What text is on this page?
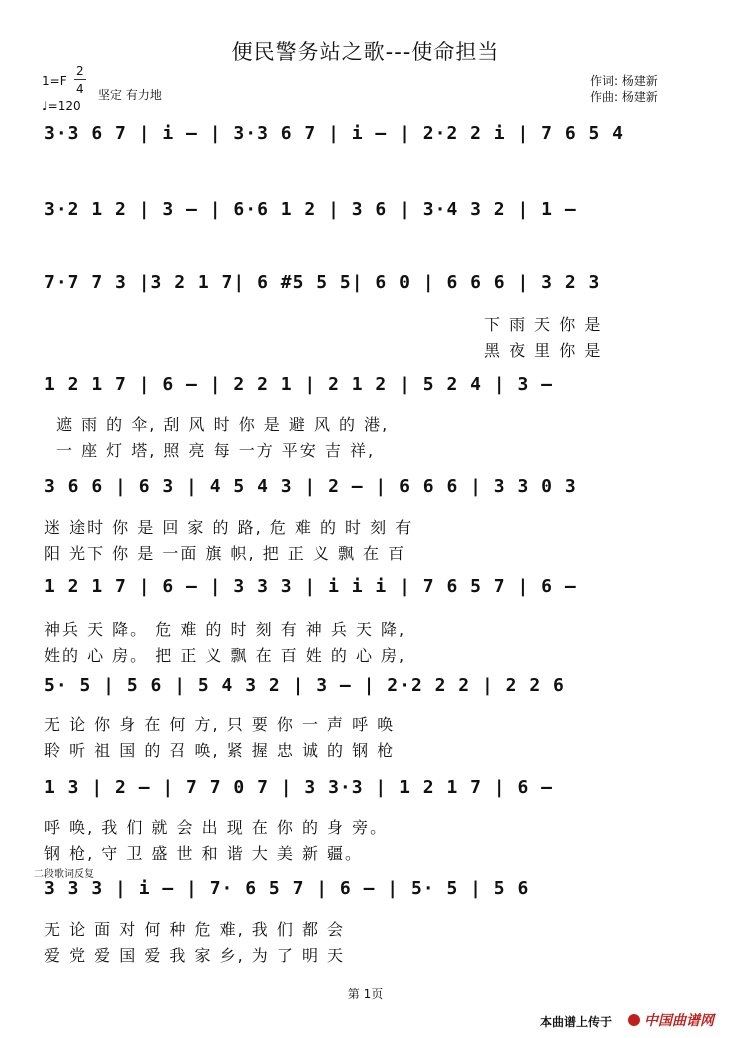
便民警务站之歌---使命担当
1=F
2
4
♩=120
坚定 有力地
作词: 杨建新
作曲: 杨建新
3·3 6 7 | i – | 3·3 6 7 | i – | 2·2 2 i | 7 6 5 4
3·2 1 2 | 3 – | 6·6 1 2 | 3 6 | 3·4 3 2 | 1 –
7·7 7 3 |3 2 1 7| 6 #5 5 5| 6 0 | 6 6 6 | 3 2 3
1 2 1 7 | 6 – | 2 2 1 | 2 1 2 | 5 2 4 | 3 –
3 6 6 | 6 3 | 4 5 4 3 | 2 – | 6 6 6 | 3 3 0 3
1 2 1 7 | 6 – | 3 3 3 | i i i | 7 6 5 7 | 6 –
5· 5 | 5 6 | 5 4 3 2 | 3 – | 2·2 2 2 | 2 2 6
1 3 | 2 – | 7 7 0 7 | 3 3·3 | 1 2 1 7 | 6 –
3 3 3 | i – | 7· 6 5 7 | 6 – | 5· 5 | 5 6
下 雨 天 你 是
黑 夜 里 你 是
遮 雨 的 伞, 刮 风 时 你 是 避 风 的 港,
一 座 灯 塔, 照 亮 每 一方 平安 吉 祥,
迷 途时 你 是 回 家 的 路, 危 难 的 时 刻 有
阳 光下 你 是 一面 旗 帜, 把 正 义 飘 在 百
神兵 天 降。 危 难 的 时 刻 有 神 兵 天 降,
姓的 心 房。 把 正 义 飘 在 百 姓 的 心 房,
无 论 你 身 在 何 方, 只 要 你 一 声 呼 唤
聆 听 祖 国 的 召 唤, 紧 握 忠 诚 的 钢 枪
呼 唤, 我 们 就 会 出 现 在 你 的 身 旁。
钢 枪, 守 卫 盛 世 和 谐 大 美 新 疆。
二段歌词反复
无 论 面 对 何 种 危 难, 我 们 都 会
爱 党 爱 国 爱 我 家 乡, 为 了 明 天
第 1页
本曲谱上传于 中国曲谱网
